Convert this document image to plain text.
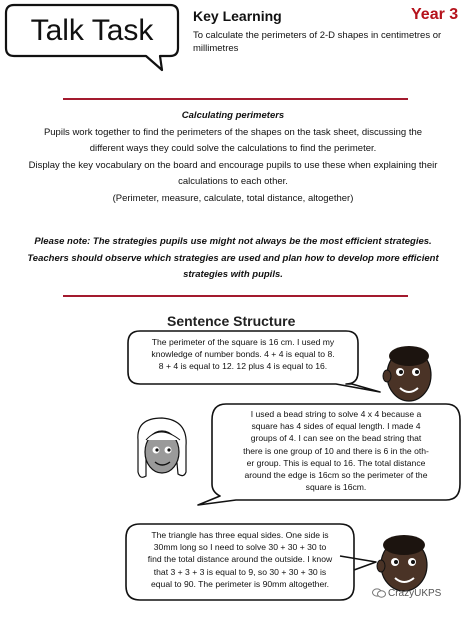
Talk Task	Key Learning	Year 3
To calculate the perimeters of 2-D shapes in centimetres or millimetres

Calculating perimeters

Pupils work together to find the perimeters of the shapes on the task sheet, discussing the

different ways they could solve the calculations to find the perimeter.

Display the key vocabulary on the board and encourage pupils to use these when explaining their

calculations to each other.

(Perimeter, measure, calculate, total distance, altogether)

Please note: The strategies pupils use might not always be the most efficient strategies.

Teachers should observe which strategies are used and plan how to develop more efficient

strategies with pupils.

Sentence Structure
The perimeter of the square is 16 cm. I used my
knowledge of number bonds. 4 + 4 is equal to 8.
8 + 4 is equal to 12. 12 plus 4 is equal to 16.
I used a bead string to solve 4 x 4 because a
square has 4 sides of equal length. I made 4
groups of 4. I can see on the bead string that
there is one group of 10 and there is 6 in the oth-
er group. This is equal to 16. The total distance
around the edge is 16cm so the perimeter of the
square is 16cm.
The triangle has three equal sides. One side is
30mm long so I need to solve 30 + 30 + 30 to
find the total distance around the outside. I know
that 3 + 3 + 3 is equal to 9, so 30 + 30 + 30 is
equal to 90. The perimeter is 90mm altogether.
CrazyUKPS
